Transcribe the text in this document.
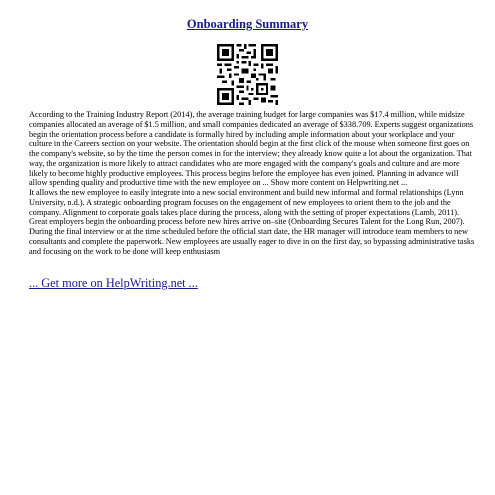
Onboarding Summary

According to the Training Industry Report (2014), the average training budget for large companies was $17.4 million, while midsize companies allocated an average of $1.5 million, and small companies dedicated an average of $338.709. Experts suggest organizations begin the orientation process before a candidate is formally hired by including ample information about your workplace and your culture in the Careers section on your website. The orientation should begin at the first click of the mouse when someone first goes on the company's website, so by the time the person comes in for the interview; they already know quite a lot about the organization. That way, the organization is more likely to attract candidates who are more engaged with the company's goals and culture and are more likely to become highly productive employees. This process begins before the employee has even joined. Planning in advance will allow spending quality and productive time with the new employee on ... Show more content on Helpwriting.net ...

It allows the new employee to easily integrate into a new social environment and build new informal and formal relationships (Lynn University, n.d.). A strategic onboarding program focuses on the engagement of new employees to orient them to the job and the company. Alignment to corporate goals takes place during the process, along with the setting of proper expectations (Lamb, 2011). Great employers begin the onboarding process before new hires arrive on–site (Onboarding Secures Talent for the Long Run, 2007). During the final interview or at the time scheduled before the official start date, the HR manager will introduce team members to new consultants and complete the paperwork. New employees are usually eager to dive in on the first day, so bypassing administrative tasks and focusing on the work to be done will keep enthusiasm

... Get more on HelpWriting.net ...
